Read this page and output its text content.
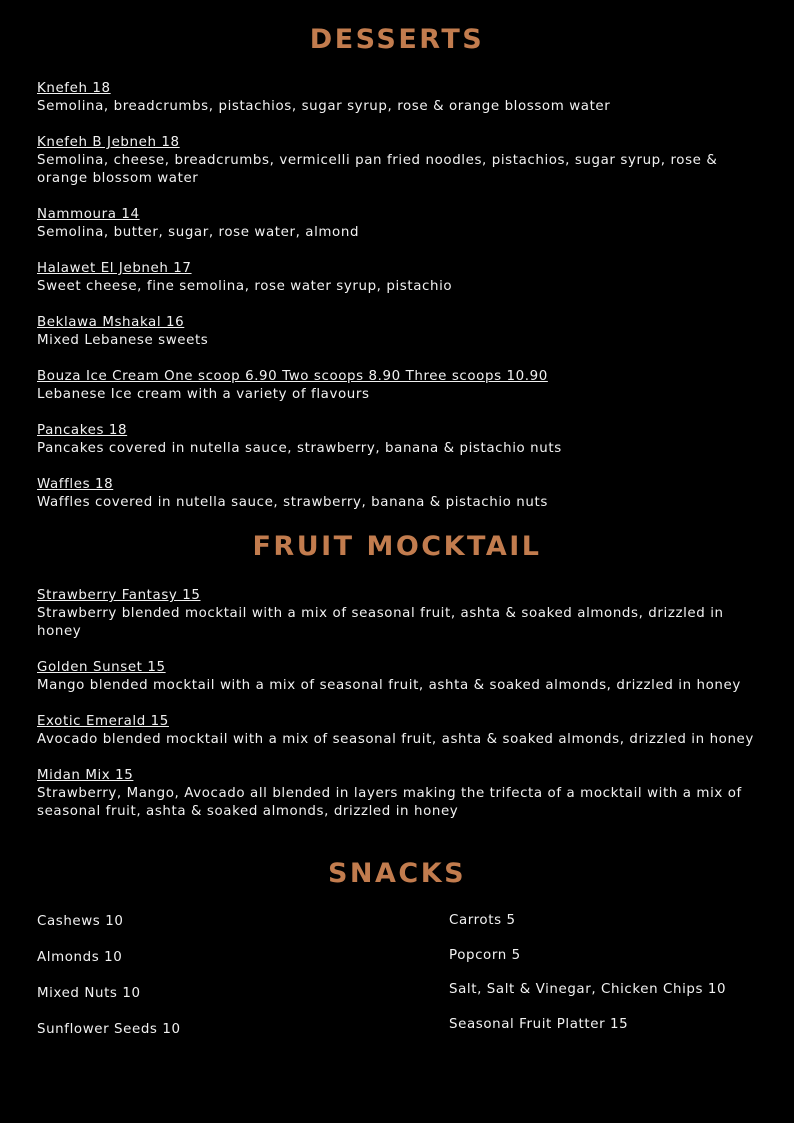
DESSERTS
Knefeh 18
Semolina, breadcrumbs, pistachios, sugar syrup, rose & orange blossom water
Knefeh B Jebneh 18
Semolina, cheese, breadcrumbs, vermicelli pan fried noodles, pistachios, sugar syrup, rose & orange blossom water
Nammoura 14
Semolina, butter, sugar, rose water, almond
Halawet El Jebneh 17
Sweet cheese, fine semolina, rose water syrup, pistachio
Beklawa Mshakal 16
Mixed Lebanese sweets
Bouza Ice Cream One scoop 6.90 Two scoops 8.90 Three scoops 10.90
Lebanese Ice cream with a variety of flavours
Pancakes 18
Pancakes covered in nutella sauce, strawberry, banana & pistachio nuts
Waffles 18
Waffles covered in nutella sauce, strawberry, banana & pistachio nuts
FRUIT MOCKTAIL
Strawberry Fantasy 15
Strawberry blended mocktail with a mix of seasonal fruit, ashta & soaked almonds, drizzled in honey
Golden Sunset 15
Mango blended mocktail with a mix of seasonal fruit, ashta & soaked almonds, drizzled in honey
Exotic Emerald 15
Avocado blended mocktail with a mix of seasonal fruit, ashta & soaked almonds, drizzled in honey
Midan Mix 15
Strawberry, Mango, Avocado all blended in layers making the trifecta of a mocktail with a mix of seasonal fruit, ashta & soaked almonds, drizzled in honey
SNACKS
Cashews 10
Almonds 10
Mixed Nuts 10
Sunflower Seeds 10
Carrots 5
Popcorn 5
Salt, Salt & Vinegar, Chicken Chips 10
Seasonal Fruit Platter 15
